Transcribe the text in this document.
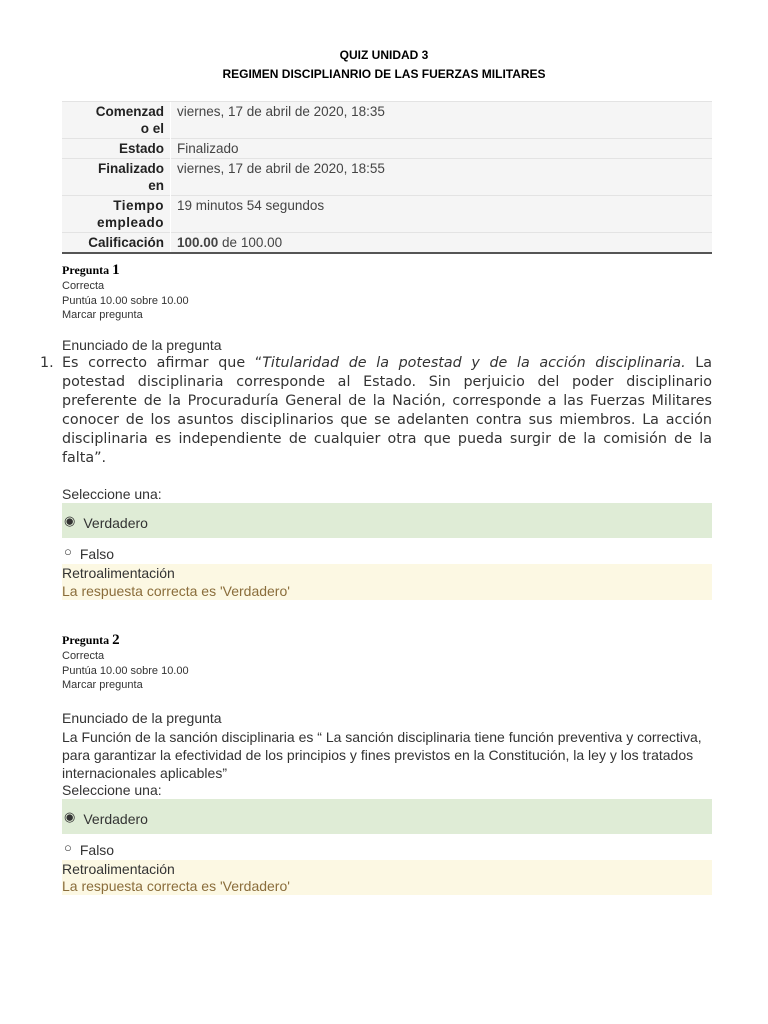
QUIZ UNIDAD 3
REGIMEN DISCIPLIANRIO DE LAS FUERZAS MILITARES
Comenzad
o el	viernes, 17 de abril de 2020, 18:35
Estado	Finalizado
Finalizado
en	viernes, 17 de abril de 2020, 18:55
Tiempo
empleado	19 minutos 54 segundos
Calificación	100.00 de 100.00
Pregunta 1
Correcta
Puntúa 10.00 sobre 10.00
Marcar pregunta
Enunciado de la pregunta
1. Es correcto afirmar que “Titularidad de la potestad y de la acción disciplinaria. La potestad disciplinaria corresponde al Estado. Sin perjuicio del poder disciplinario preferente de la Procuraduría General de la Nación, corresponde a las Fuerzas Militares conocer de los asuntos disciplinarios que se adelanten contra sus miembros. La acción disciplinaria es independiente de cualquier otra que pueda surgir de la comisión de la falta”.
Seleccione una:
◉ Verdadero
○ Falso
Retroalimentación
La respuesta correcta es 'Verdadero'
Pregunta 2
Correcta
Puntúa 10.00 sobre 10.00
Marcar pregunta
Enunciado de la pregunta
La Función de la sanción disciplinaria es “ La sanción disciplinaria tiene función preventiva y correctiva, para garantizar la efectividad de los principios y fines previstos en la Constitución, la ley y los tratados internacionales aplicables”
Seleccione una:
◉ Verdadero
○ Falso
Retroalimentación
La respuesta correcta es 'Verdadero'
